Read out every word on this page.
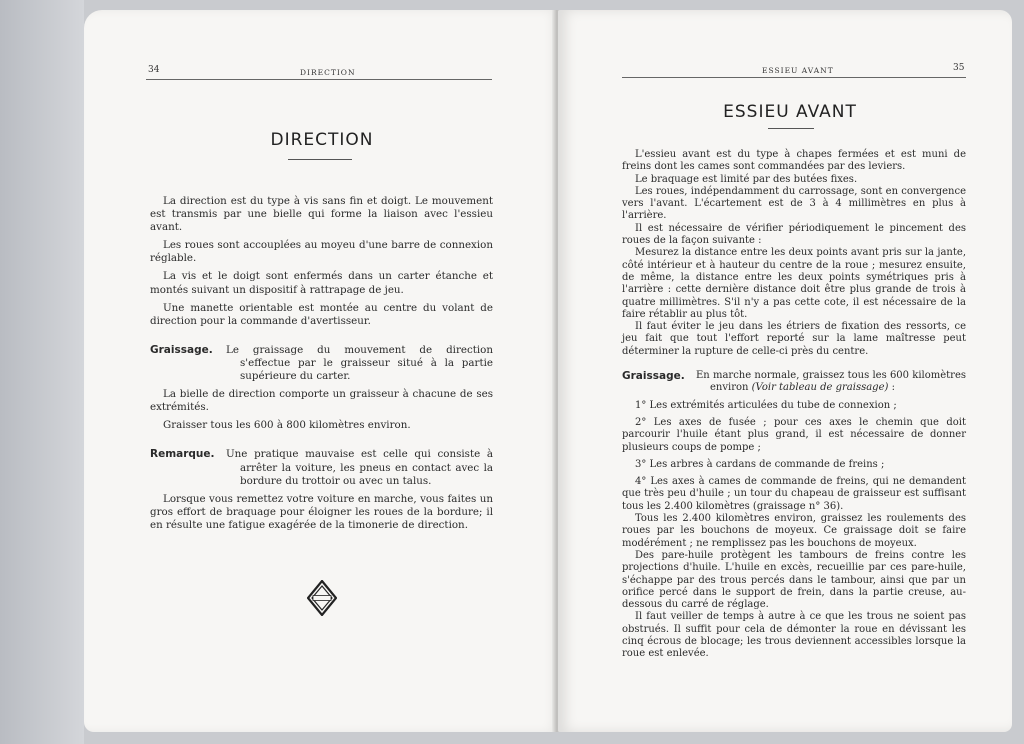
34	DIRECTION
DIRECTION

La direction est du type à vis sans fin et doigt. Le mouvement est transmis par une bielle qui forme la liaison avec l'essieu avant.

Les roues sont accouplées au moyeu d'une barre de connexion réglable.

La vis et le doigt sont enfermés dans un carter étanche et montés suivant un dispositif à rattrapage de jeu.

Une manette orientable est montée au centre du volant de direction pour la commande d'avertisseur.

Graissage.	Le graissage du mouvement de direction s'effectue par le graisseur situé à la partie supérieure du carter.

La bielle de direction comporte un graisseur à chacune de ses extrémités.

Graisser tous les 600 à 800 kilomètres environ.

Remarque.	Une pratique mauvaise est celle qui consiste à arrêter la voiture, les pneus en contact avec la bordure du trottoir ou avec un talus.

Lorsque vous remettez votre voiture en marche, vous faites un gros effort de braquage pour éloigner les roues de la bordure; il en résulte une fatigue exagérée de la timonerie de direction.

ESSIEU AVANT	35
ESSIEU AVANT

L'essieu avant est du type à chapes fermées et est muni de freins dont les cames sont commandées par des leviers.

Le braquage est limité par des butées fixes.

Les roues, indépendamment du carrossage, sont en convergence vers l'avant. L'écartement est de 3 à 4 millimètres en plus à l'arrière.

Il est nécessaire de vérifier périodiquement le pincement des roues de la façon suivante :

Mesurez la distance entre les deux points avant pris sur la jante, côté intérieur et à hauteur du centre de la roue ; mesurez ensuite, de même, la distance entre les deux points symétriques pris à l'arrière : cette dernière distance doit être plus grande de trois à quatre millimètres. S'il n'y a pas cette cote, il est nécessaire de la faire rétablir au plus tôt.

Il faut éviter le jeu dans les étriers de fixation des ressorts, ce jeu fait que tout l'effort reporté sur la lame maîtresse peut déterminer la rupture de celle-ci près du centre.

Graissage.	En marche normale, graissez tous les 600 kilomètres environ (Voir tableau de graissage) :

1° Les extrémités articulées du tube de connexion ;

2° Les axes de fusée ; pour ces axes le chemin que doit parcourir l'huile étant plus grand, il est nécessaire de donner plusieurs coups de pompe ;

3° Les arbres à cardans de commande de freins ;

4° Les axes à cames de commande de freins, qui ne demandent que très peu d'huile ; un tour du chapeau de graisseur est suffisant tous les 2.400 kilomètres (graissage n° 36).

Tous les 2.400 kilomètres environ, graissez les roulements des roues par les bouchons de moyeux. Ce graissage doit se faire modérément ; ne remplissez pas les bouchons de moyeux.

Des pare-huile protègent les tambours de freins contre les projections d'huile. L'huile en excès, recueillie par ces pare-huile, s'échappe par des trous percés dans le tambour, ainsi que par un orifice percé dans le support de frein, dans la partie creuse, au-dessous du carré de réglage.

Il faut veiller de temps à autre à ce que les trous ne soient pas obstrués. Il suffit pour cela de démonter la roue en dévissant les cinq écrous de blocage; les trous deviennent accessibles lorsque la roue est enlevée.
